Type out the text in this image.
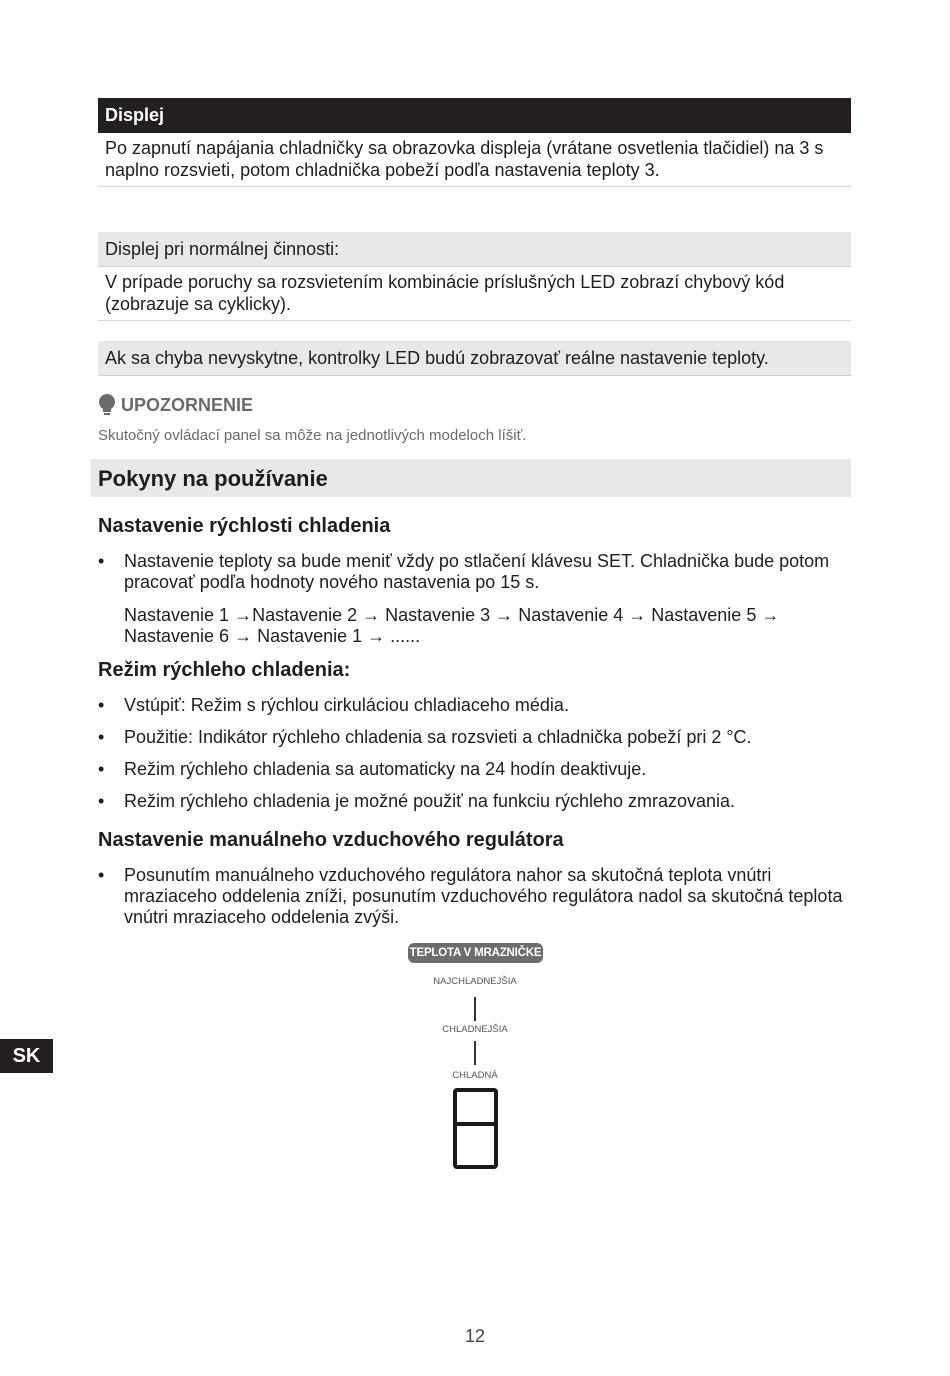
Displej
Po zapnutí napájania chladničky sa obrazovka displeja (vrátane osvetlenia tlačidiel) na 3 s naplno rozsvieti, potom chladnička pobeží podľa nastavenia teploty 3.
Displej pri normálnej činnosti:
V prípade poruchy sa rozsvietením kombinácie príslušných LED zobrazí chybový kód (zobrazuje sa cyklicky).
Ak sa chyba nevyskytne, kontrolky LED budú zobrazovať reálne nastavenie teploty.
UPOZORNENIE
Skutočný ovládací panel sa môže na jednotlivých modeloch líšiť.
Pokyny na používanie
Nastavenie rýchlosti chladenia
•	Nastavenie teploty sa bude meniť vždy po stlačení klávesu SET. Chladnička bude potom pracovať podľa hodnoty nového nastavenia po 15 s.
Nastavenie 1 →Nastavenie 2 → Nastavenie 3 → Nastavenie 4 → Nastavenie 5 →
Nastavenie 6 → Nastavenie 1 → ......
Režim rýchleho chladenia:
•	Vstúpiť: Režim s rýchlou cirkuláciou chladiaceho média.
•	Použitie: Indikátor rýchleho chladenia sa rozsvieti a chladnička pobeží pri 2 °C.
•	Režim rýchleho chladenia sa automaticky na 24 hodín deaktivuje.
•	Režim rýchleho chladenia je možné použiť na funkciu rýchleho zmrazovania.
Nastavenie manuálneho vzduchového regulátora
•	Posunutím manuálneho vzduchového regulátora nahor sa skutočná teplota vnútri mraziaceho oddelenia zníži, posunutím vzduchového regulátora nadol sa skutočná teplota vnútri mraziaceho oddelenia zvýši.
TEPLOTA V MRAZNIČKE
NAJCHLADNEJŠIA
CHLADNEJŠIA
CHLADNÁ
SK
12
